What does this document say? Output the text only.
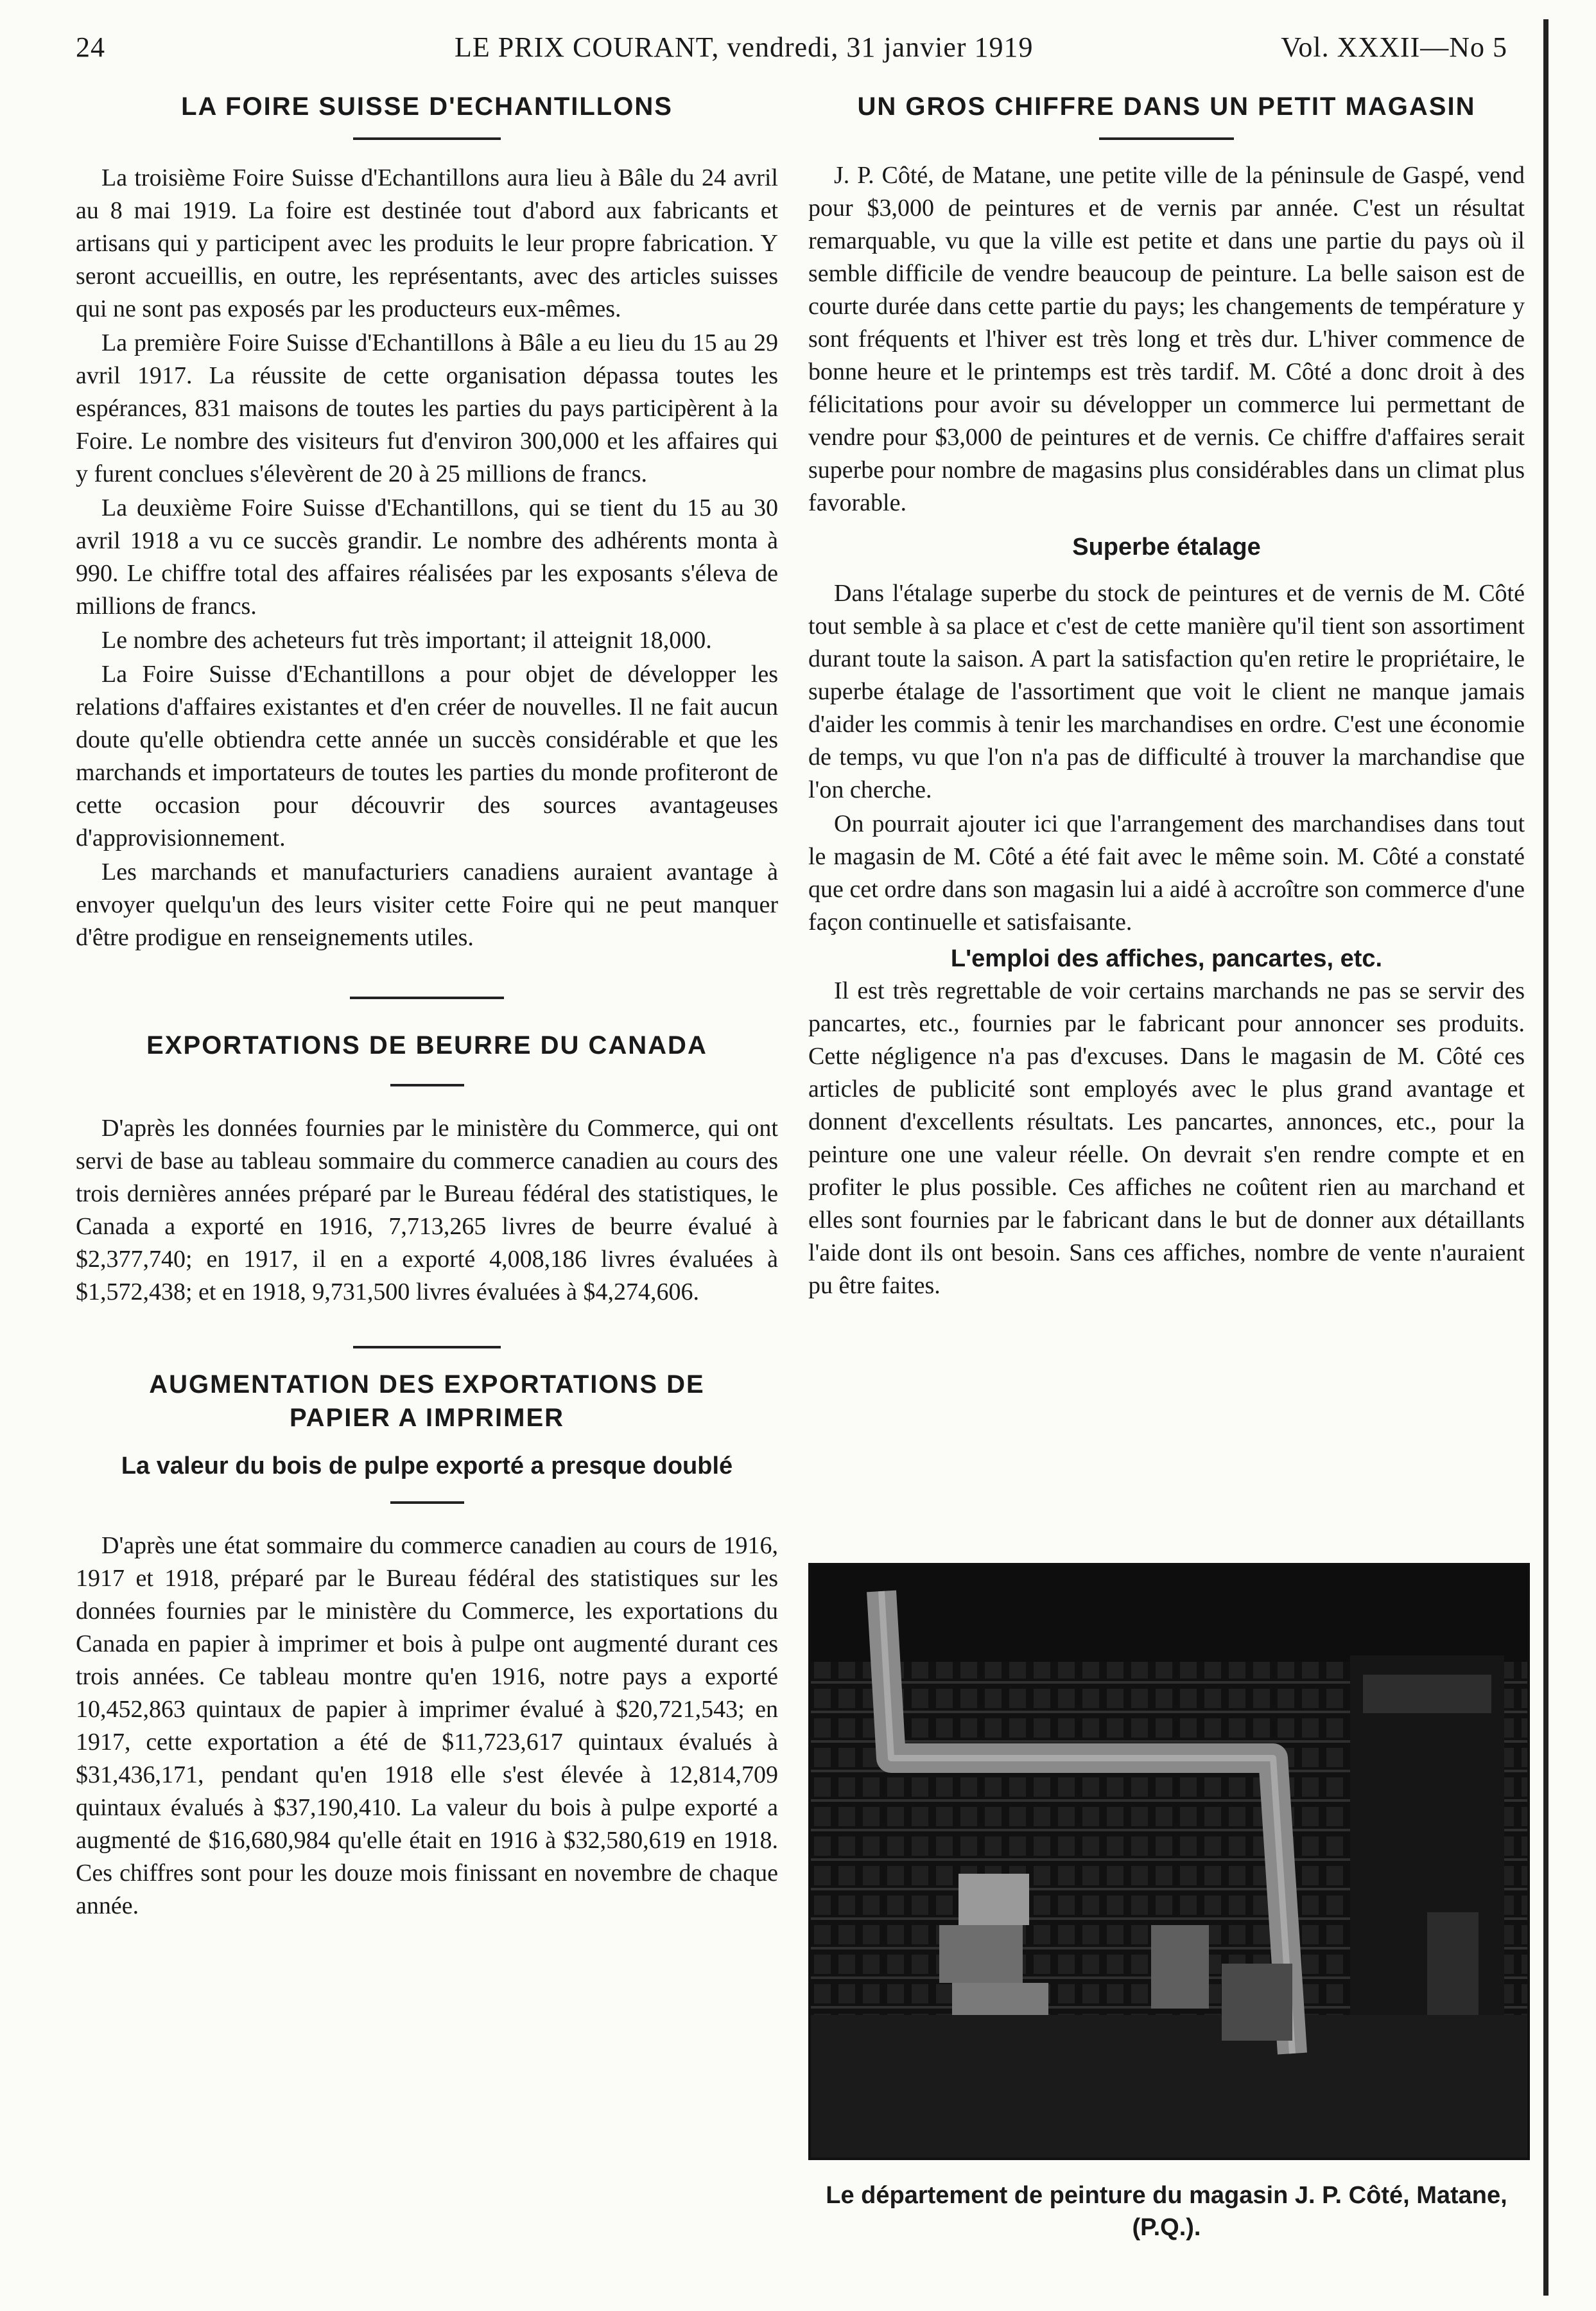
24	LE PRIX COURANT, vendredi, 31 janvier 1919	Vol. XXXII—No 5
LA FOIRE SUISSE D'ECHANTILLONS

La troisième Foire Suisse d'Echantillons aura lieu à Bâle du 24 avril au 8 mai 1919. La foire est destinée tout d'abord aux fabricants et artisans qui y participent avec les produits le leur propre fabrication. Y seront accueillis, en outre, les représentants, avec des articles suisses qui ne sont pas exposés par les producteurs eux-mêmes.

La première Foire Suisse d'Echantillons à Bâle a eu lieu du 15 au 29 avril 1917. La réussite de cette organisation dépassa toutes les espérances, 831 maisons de toutes les parties du pays participèrent à la Foire. Le nombre des visiteurs fut d'environ 300,000 et les affaires qui y furent conclues s'élevèrent de 20 à 25 millions de francs.

La deuxième Foire Suisse d'Echantillons, qui se tient du 15 au 30 avril 1918 a vu ce succès grandir. Le nombre des adhérents monta à 990. Le chiffre total des affaires réalisées par les exposants s'éleva de millions de francs.

Le nombre des acheteurs fut très important; il atteignit 18,000.

La Foire Suisse d'Echantillons a pour objet de développer les relations d'affaires existantes et d'en créer de nouvelles. Il ne fait aucun doute qu'elle obtiendra cette année un succès considérable et que les marchands et importateurs de toutes les parties du monde profiteront de cette occasion pour découvrir des sources avantageuses d'approvisionnement.

Les marchands et manufacturiers canadiens auraient avantage à envoyer quelqu'un des leurs visiter cette Foire qui ne peut manquer d'être prodigue en renseignements utiles.

EXPORTATIONS DE BEURRE DU CANADA

D'après les données fournies par le ministère du Commerce, qui ont servi de base au tableau sommaire du commerce canadien au cours des trois dernières années préparé par le Bureau fédéral des statistiques, le Canada a exporté en 1916, 7,713,265 livres de beurre évalué à $2,377,740; en 1917, il en a exporté 4,008,186 livres évaluées à $1,572,438; et en 1918, 9,731,500 livres évaluées à $4,274,606.

AUGMENTATION DES EXPORTATIONS DE
PAPIER A IMPRIMER
La valeur du bois de pulpe exporté a presque doublé

D'après une état sommaire du commerce canadien au cours de 1916, 1917 et 1918, préparé par le Bureau fédéral des statistiques sur les données fournies par le ministère du Commerce, les exportations du Canada en papier à imprimer et bois à pulpe ont augmenté durant ces trois années. Ce tableau montre qu'en 1916, notre pays a exporté 10,452,863 quintaux de papier à imprimer évalué à $20,721,543; en 1917, cette exportation a été de $11,723,617 quintaux évalués à $31,436,171, pendant qu'en 1918 elle s'est élevée à 12,814,709 quintaux évalués à $37,190,410. La valeur du bois à pulpe exporté a augmenté de $16,680,984 qu'elle était en 1916 à $32,580,619 en 1918. Ces chiffres sont pour les douze mois finissant en novembre de chaque année.

UN GROS CHIFFRE DANS UN PETIT MAGASIN

J. P. Côté, de Matane, une petite ville de la péninsule de Gaspé, vend pour $3,000 de peintures et de vernis par année. C'est un résultat remarquable, vu que la ville est petite et dans une partie du pays où il semble difficile de vendre beaucoup de peinture. La belle saison est de courte durée dans cette partie du pays; les changements de température y sont fréquents et l'hiver est très long et très dur. L'hiver commence de bonne heure et le printemps est très tardif. M. Côté a donc droit à des félicitations pour avoir su développer un commerce lui permettant de vendre pour $3,000 de peintures et de vernis. Ce chiffre d'affaires serait superbe pour nombre de magasins plus considérables dans un climat plus favorable.

Superbe étalage

Dans l'étalage superbe du stock de peintures et de vernis de M. Côté tout semble à sa place et c'est de cette manière qu'il tient son assortiment durant toute la saison. A part la satisfaction qu'en retire le propriétaire, le superbe étalage de l'assortiment que voit le client ne manque jamais d'aider les commis à tenir les marchandises en ordre. C'est une économie de temps, vu que l'on n'a pas de difficulté à trouver la marchandise que l'on cherche.

On pourrait ajouter ici que l'arrangement des marchandises dans tout le magasin de M. Côté a été fait avec le même soin. M. Côté a constaté que cet ordre dans son magasin lui a aidé à accroître son commerce d'une façon continuelle et satisfaisante.

L'emploi des affiches, pancartes, etc.

Il est très regrettable de voir certains marchands ne pas se servir des pancartes, etc., fournies par le fabricant pour annoncer ses produits. Cette négligence n'a pas d'excuses. Dans le magasin de M. Côté ces articles de publicité sont employés avec le plus grand avantage et donnent d'excellents résultats. Les pancartes, annonces, etc., pour la peinture one une valeur réelle. On devrait s'en rendre compte et en profiter le plus possible. Ces affiches ne coûtent rien au marchand et elles sont fournies par le fabricant dans le but de donner aux détaillants l'aide dont ils ont besoin. Sans ces affiches, nombre de vente n'auraient pu être faites.

Le département de peinture du magasin J. P. Côté, Matane, (P.Q.).
